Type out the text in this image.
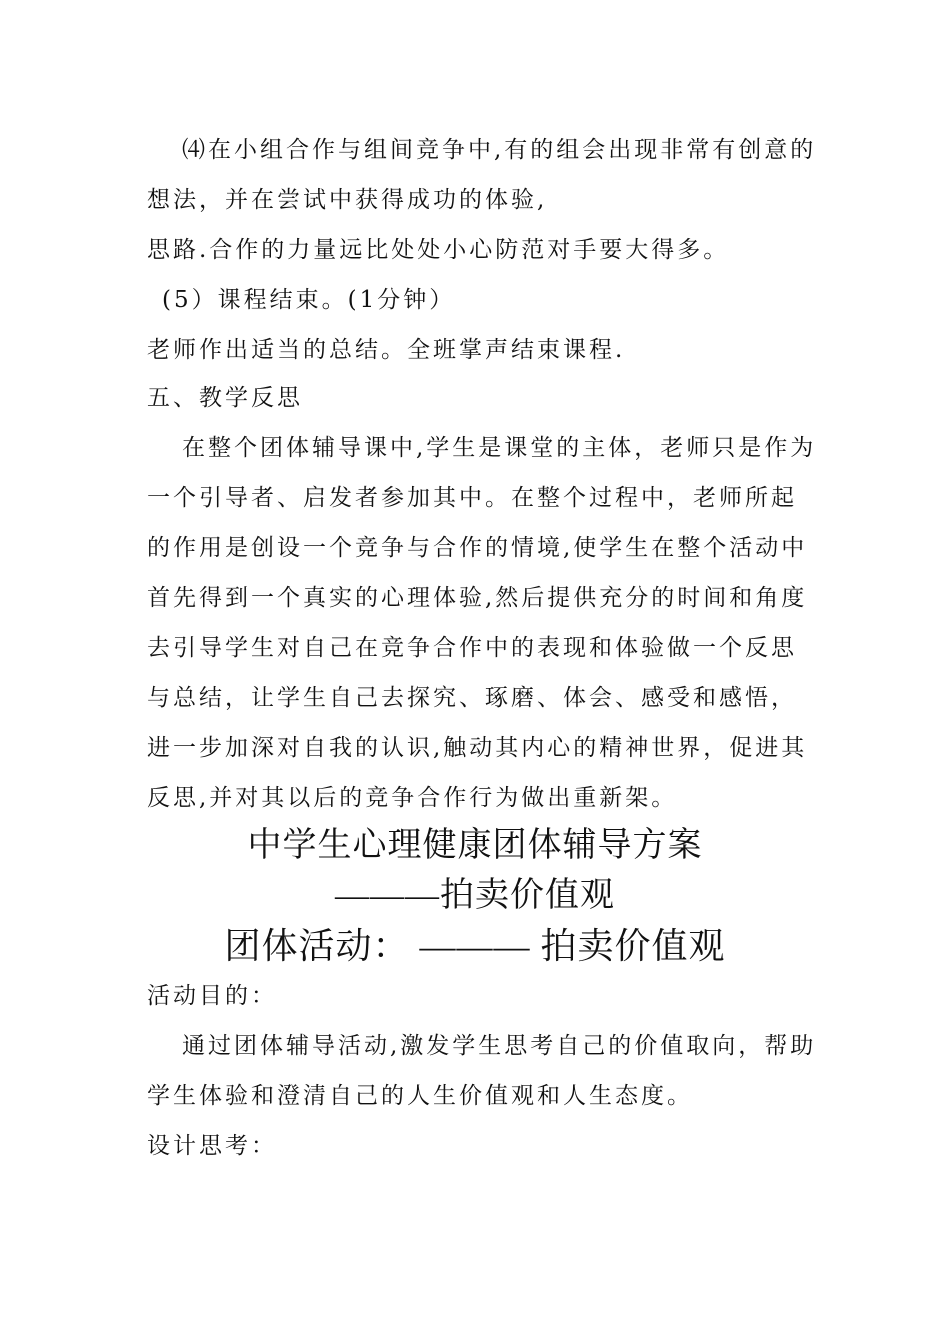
⑷在小组合作与组间竞争中,有的组会出现非常有创意的
想法，并在尝试中获得成功的体验,
思路.合作的力量远比处处小心防范对手要大得多。
(5）课程结束。(1分钟）
老师作出适当的总结。全班掌声结束课程.
五、教学反思
在整个团体辅导课中,学生是课堂的主体，老师只是作为
一个引导者、启发者参加其中。在整个过程中，老师所起
的作用是创设一个竞争与合作的情境,使学生在整个活动中
首先得到一个真实的心理体验,然后提供充分的时间和角度
去引导学生对自己在竞争合作中的表现和体验做一个反思
与总结，让学生自己去探究、琢磨、体会、感受和感悟，
进一步加深对自我的认识,触动其内心的精神世界，促进其
反思,并对其以后的竞争合作行为做出重新架。
中学生心理健康团体辅导方案
———拍卖价值观
团体活动： ——— 拍卖价值观
活动目的：
通过团体辅导活动,激发学生思考自己的价值取向，帮助
学生体验和澄清自己的人生价值观和人生态度。
设计思考：
